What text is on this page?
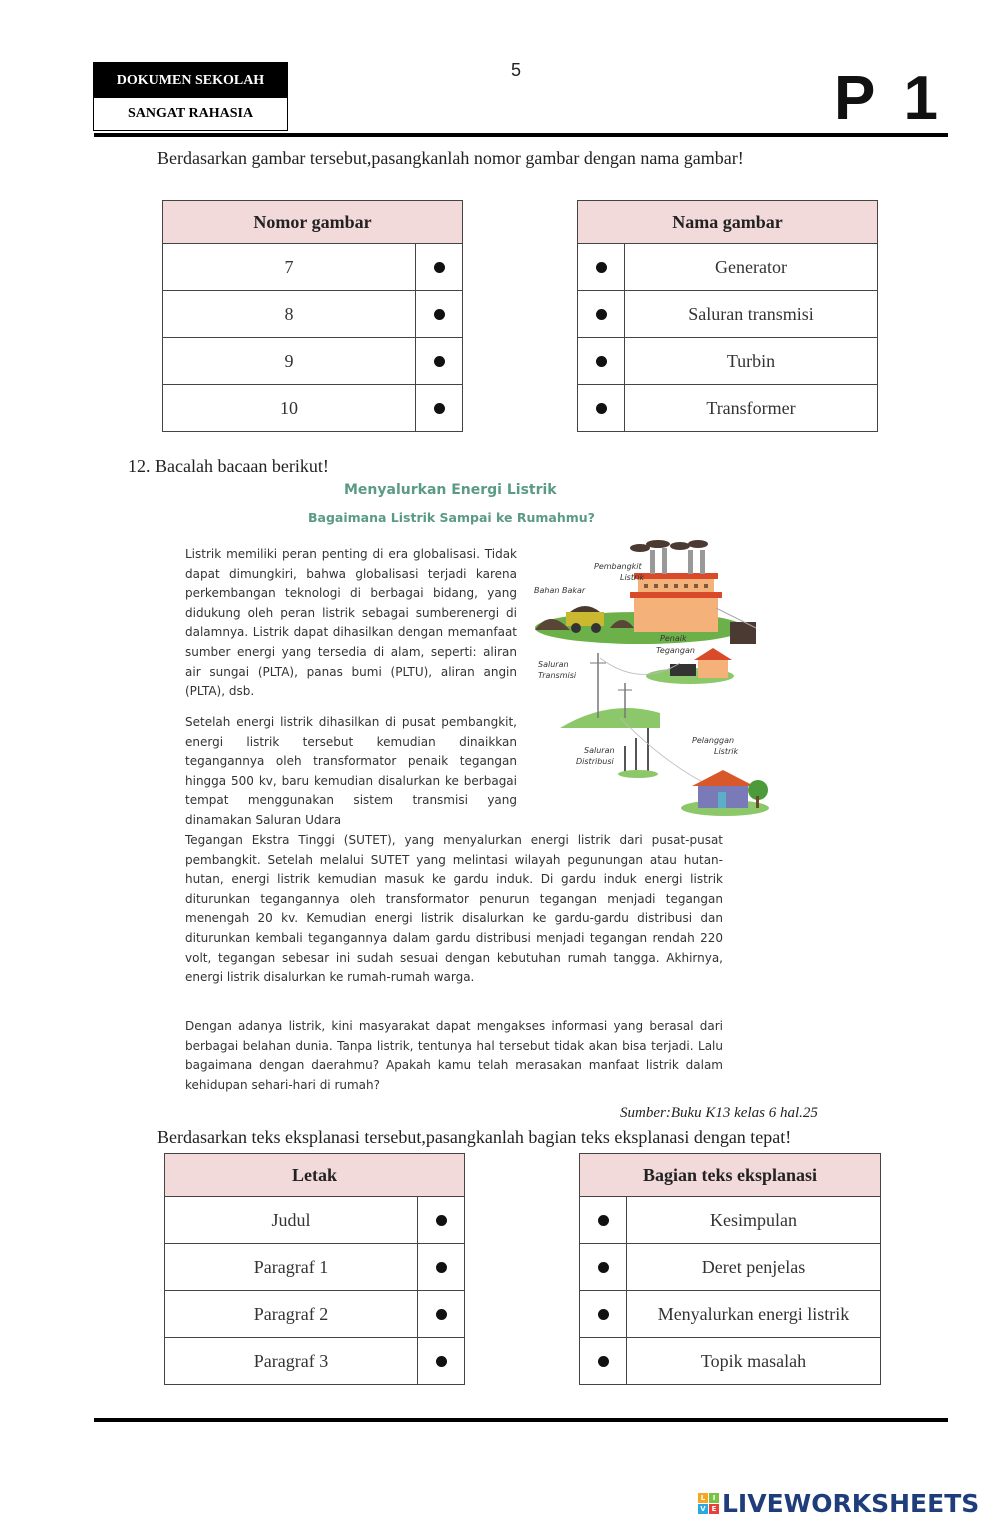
DOKUMEN SEKOLAH
SANGAT RAHASIA
5	P 1
Berdasarkan gambar tersebut,pasangkanlah nomor gambar dengan nama gambar!
Nomor gambar	
7	
8	
9	
10	
Nama gambar	
	Generator
	Saluran transmisi
	Turbin
	Transformer
12. Bacalah bacaan berikut!
Menyalurkan Energi Listrik
Bagaimana Listrik Sampai ke Rumahmu?
Listrik memiliki peran penting di era globalisasi. Tidak dapat dimungkiri, bahwa globalisasi terjadi karena perkembangan teknologi di berbagai bidang, yang didukung oleh peran listrik sebagai sumberenergi di dalamnya. Listrik dapat dihasilkan dengan memanfaat sumber energi yang tersedia di alam, seperti: aliran air sungai (PLTA), panas bumi (PLTU), aliran angin (PLTA), dsb.
Setelah energi listrik dihasilkan di pusat pembangkit, energi listrik tersebut kemudian dinaikkan tegangannya oleh transformator penaik tegangan hingga 500 kv, baru kemudian disalurkan ke berbagai tempat menggunakan sistem transmisi yang dinamakan Saluran Udara
Tegangan Ekstra Tinggi (SUTET), yang menyalurkan energi listrik dari pusat-pusat pembangkit. Setelah melalui SUTET yang melintasi wilayah pegunungan atau hutan-hutan, energi listrik kemudian masuk ke gardu induk. Di gardu induk energi listrik diturunkan tegangannya oleh transformator penurun tegangan menjadi tegangan menengah 20 kv. Kemudian energi listrik disalurkan ke gardu-gardu distribusi dan diturunkan kembali tegangannya dalam gardu distribusi menjadi tegangan rendah 220 volt, tegangan sebesar ini sudah sesuai dengan kebutuhan rumah tangga. Akhirnya, energi listrik disalurkan ke rumah-rumah warga.
Dengan adanya listrik, kini masyarakat dapat mengakses informasi yang berasal dari berbagai belahan dunia. Tanpa listrik, tentunya hal tersebut tidak akan bisa terjadi. Lalu bagaimana dengan daerahmu? Apakah kamu telah merasakan manfaat listrik dalam kehidupan sehari-hari di rumah?
Pembangkit
Listrik
Bahan Bakar
Penaik
Tegangan
Saluran
Transmisi
Saluran
Distribusi
Pelanggan
Listrik
Sumber:Buku K13 kelas 6 hal.25
Berdasarkan teks eksplanasi tersebut,pasangkanlah bagian teks eksplanasi dengan tepat!
Letak	
Judul	
Paragraf 1	
Paragraf 2	
Paragraf 3	
Bagian teks eksplanasi	
	Kesimpulan
	Deret penjelas
	Menyalurkan energi listrik
	Topik masalah
L	I
V E LIVEWORKSHEETS
